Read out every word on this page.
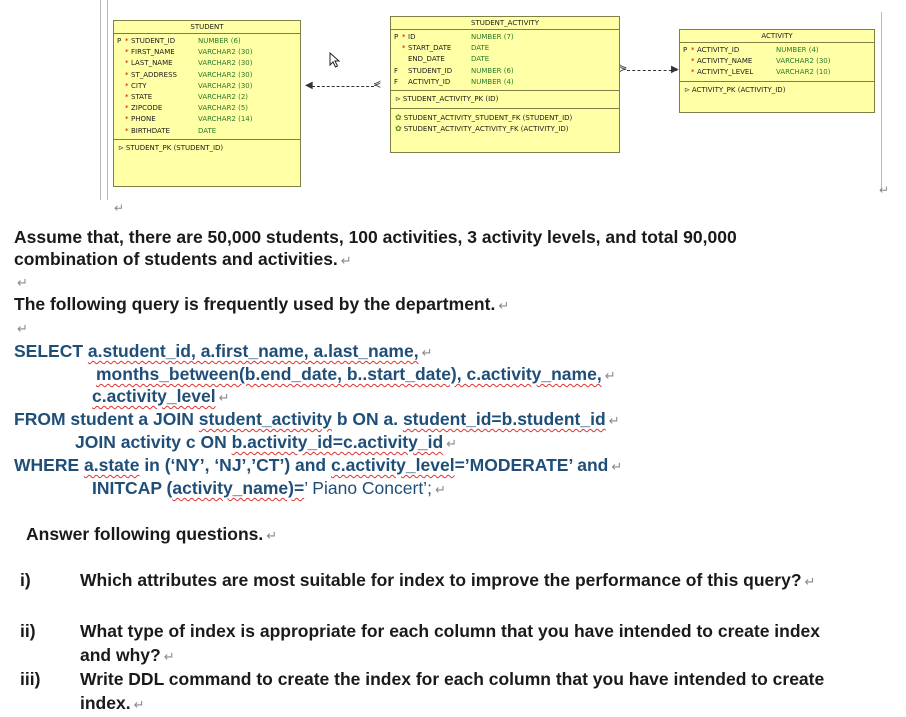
STUDENT
P * STUDENT_ID	NUMBER (6)
* FIRST_NAME	VARCHAR2 (30)
* LAST_NAME	VARCHAR2 (30)
* ST_ADDRESS	VARCHAR2 (30)
* CITY	VARCHAR2 (30)
* STATE	VARCHAR2 (2)
* ZIPCODE	VARCHAR2 (5)
* PHONE	VARCHAR2 (14)
* BIRTHDATE	DATE
⊳ STUDENT_PK (STUDENT_ID)
STUDENT_ACTIVITY
P * ID	NUMBER (7)
* START_DATE	DATE
END_DATE	DATE
F	STUDENT_ID	NUMBER (6)
F	ACTIVITY_ID	NUMBER (4)
⊳ STUDENT_ACTIVITY_PK (ID)
✿ STUDENT_ACTIVITY_STUDENT_FK (STUDENT_ID)
✿ STUDENT_ACTIVITY_ACTIVITY_FK (ACTIVITY_ID)
ACTIVITY
P * ACTIVITY_ID	NUMBER (4)
* ACTIVITY_NAME	VARCHAR2 (30)
* ACTIVITY_LEVEL	VARCHAR2 (10)
⊳ ACTIVITY_PK (ACTIVITY_ID)
◀	⋞
⋟	▶
↵
↵
Assume that, there are 50,000 students, 100 activities, 3 activity levels, and total 90,000
combination of students and activities. ↵
↵
The following query is frequently used by the department. ↵
↵
SELECT a.student_id, a.first_name, a.last_name, ↵
months_between(b.end_date, b..start_date), c.activity_name, ↵
c.activity_level ↵
FROM student a JOIN student_activity b ON a. student_id=b.student_id ↵
JOIN activity c ON b.activity_id=c.activity_id ↵
WHERE a.state in (‘NY’, ‘NJ’,’CT’) and c.activity_level=’MODERATE’ and ↵
INITCAP (activity_name)=’ Piano Concert’; ↵
Answer following questions. ↵
i)	Which attributes are most suitable for index to improve the performance of this query? ↵
ii)	What type of index is appropriate for each column that you have intended to create index and why? ↵
iii) Write DDL command to create the index for each column that you have intended to create index. ↵
